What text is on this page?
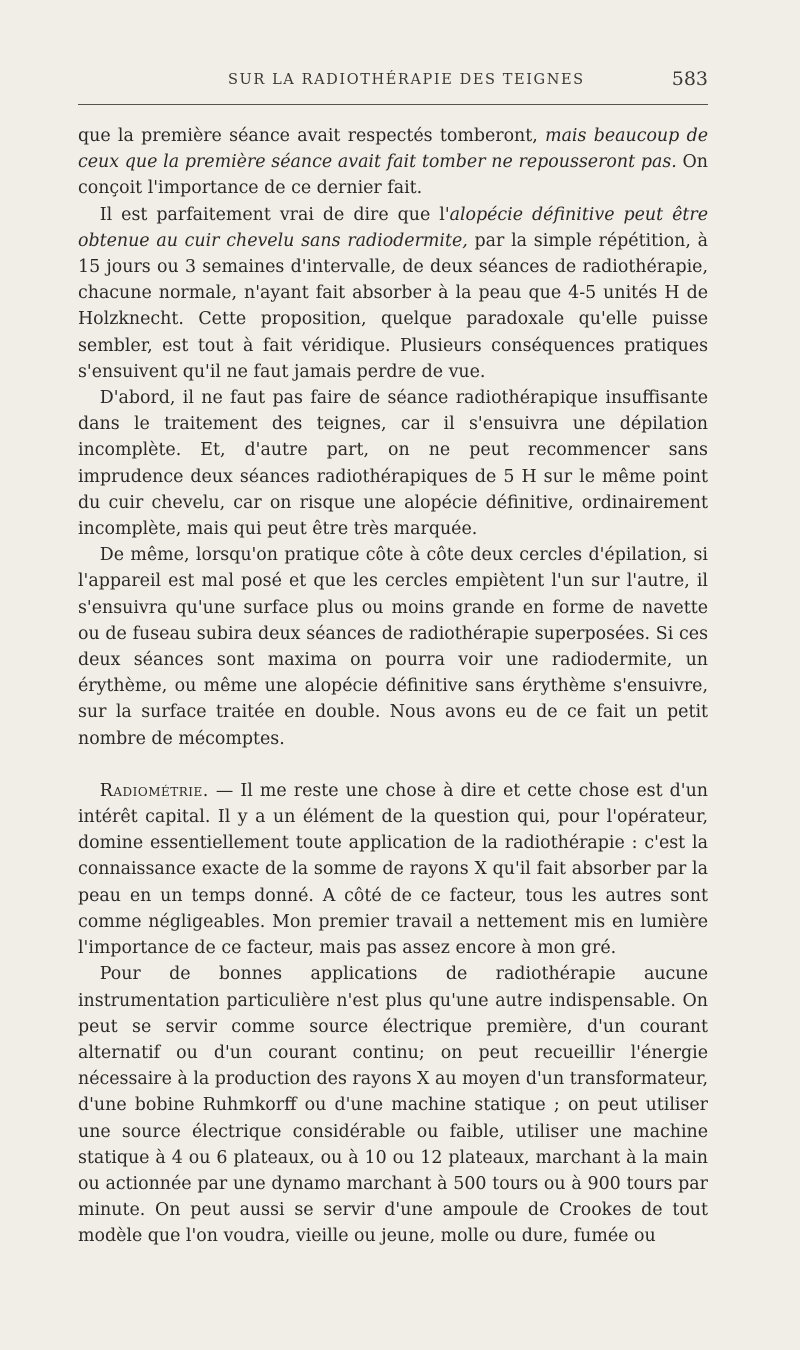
SUR LA RADIOTHÉRAPIE DES TEIGNES	583

que la première séance avait respectés tomberont, mais beaucoup de ceux que la première séance avait fait tomber ne repousseront pas. On conçoit l'importance de ce dernier fait.

Il est parfaitement vrai de dire que l'alopécie définitive peut être obtenue au cuir chevelu sans radiodermite, par la simple répétition, à 15 jours ou 3 semaines d'intervalle, de deux séances de radiothérapie, chacune normale, n'ayant fait absorber à la peau que 4-5 unités H de Holzknecht. Cette proposition, quelque paradoxale qu'elle puisse sembler, est tout à fait véridique. Plusieurs conséquences pratiques s'ensuivent qu'il ne faut jamais perdre de vue.

D'abord, il ne faut pas faire de séance radiothérapique insuffisante dans le traitement des teignes, car il s'ensuivra une dépilation incomplète. Et, d'autre part, on ne peut recommencer sans imprudence deux séances radiothérapiques de 5 H sur le même point du cuir chevelu, car on risque une alopécie définitive, ordinairement incomplète, mais qui peut être très marquée.

De même, lorsqu'on pratique côte à côte deux cercles d'épilation, si l'appareil est mal posé et que les cercles empiètent l'un sur l'autre, il s'ensuivra qu'une surface plus ou moins grande en forme de navette ou de fuseau subira deux séances de radiothérapie superposées. Si ces deux séances sont maxima on pourra voir une radiodermite, un érythème, ou même une alopécie définitive sans érythème s'ensuivre, sur la surface traitée en double. Nous avons eu de ce fait un petit nombre de mécomptes.

Radiométrie. — Il me reste une chose à dire et cette chose est d'un intérêt capital. Il y a un élément de la question qui, pour l'opérateur, domine essentiellement toute application de la radiothérapie : c'est la connaissance exacte de la somme de rayons X qu'il fait absorber par la peau en un temps donné. A côté de ce facteur, tous les autres sont comme négligeables. Mon premier travail a nettement mis en lumière l'importance de ce facteur, mais pas assez encore à mon gré.

Pour de bonnes applications de radiothérapie aucune instrumentation particulière n'est plus qu'une autre indispensable. On peut se servir comme source électrique première, d'un courant alternatif ou d'un courant continu; on peut recueillir l'énergie nécessaire à la production des rayons X au moyen d'un transformateur, d'une bobine Ruhmkorff ou d'une machine statique ; on peut utiliser une source électrique considérable ou faible, utiliser une machine statique à 4 ou 6 plateaux, ou à 10 ou 12 plateaux, marchant à la main ou actionnée par une dynamo marchant à 500 tours ou à 900 tours par minute. On peut aussi se servir d'une ampoule de Crookes de tout modèle que l'on voudra, vieille ou jeune, molle ou dure, fumée ou
